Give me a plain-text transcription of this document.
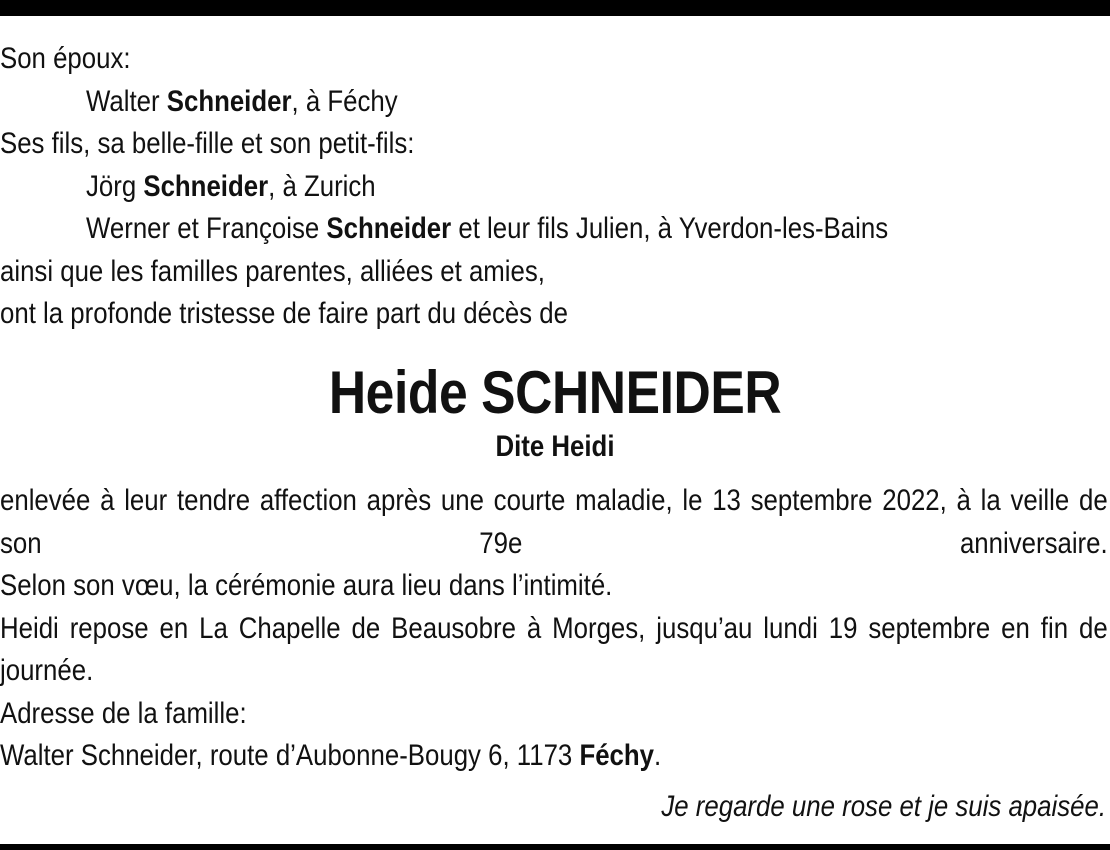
Son époux:
Walter Schneider, à Féchy
Ses fils, sa belle-fille et son petit-fils:
Jörg Schneider, à Zurich
Werner et Françoise Schneider et leur fils Julien, à Yverdon-les-Bains
ainsi que les familles parentes, alliées et amies,
ont la profonde tristesse de faire part du décès de
Heide SCHNEIDER
Dite Heidi
enlevée à leur tendre affection après une courte maladie, le 13 septembre 2022, à la veille de son 79e anniversaire.
Selon son vœu, la cérémonie aura lieu dans l’intimité.
Heidi repose en La Chapelle de Beausobre à Morges, jusqu’au lundi 19 septembre en fin de journée.
Adresse de la famille:
Walter Schneider, route d’Aubonne-Bougy 6, 1173 Féchy.
Je regarde une rose et je suis apaisée.
